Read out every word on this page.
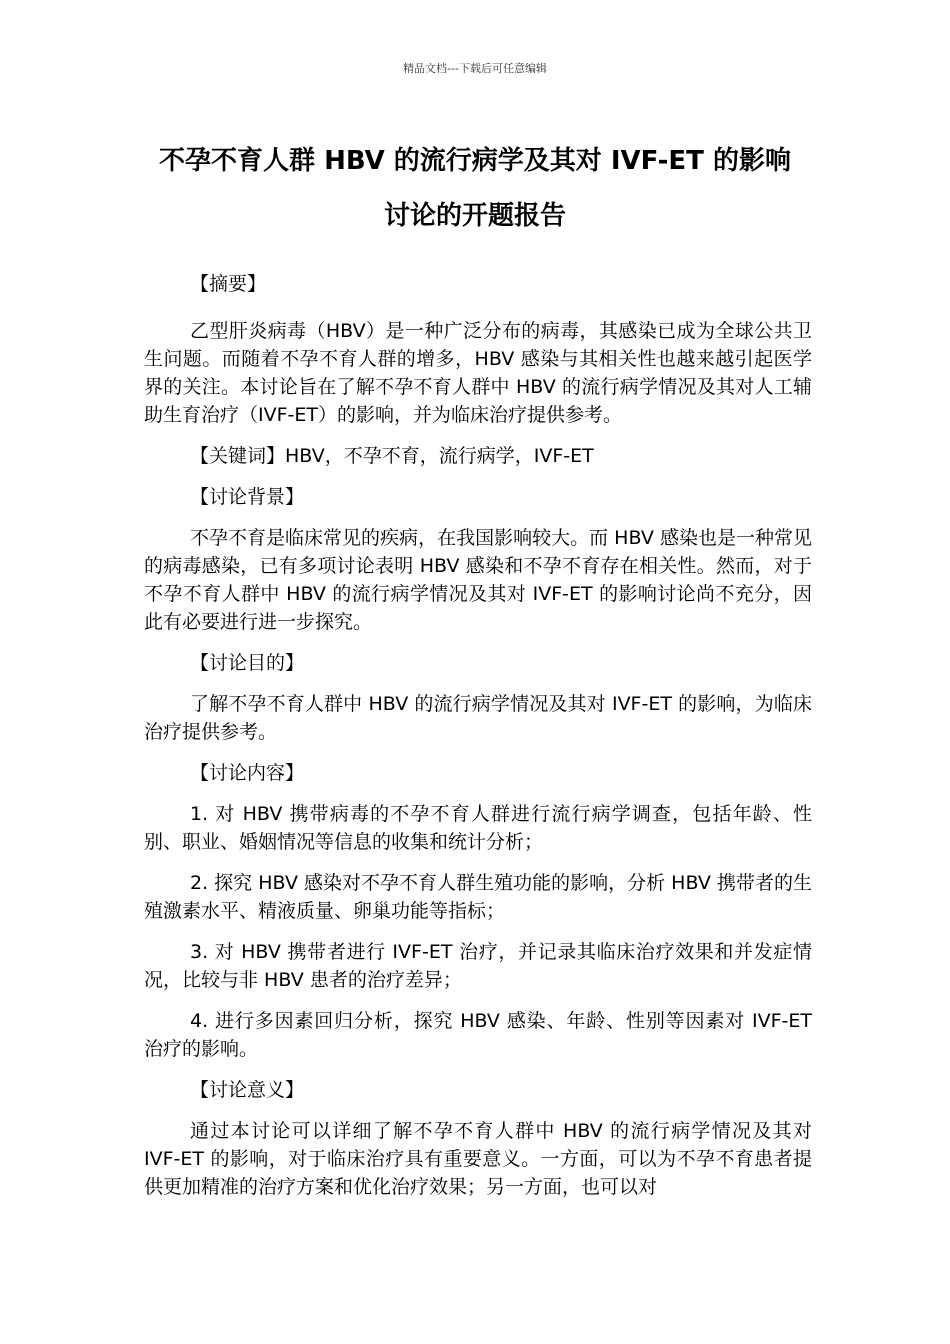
精品文档---下载后可任意编辑
不孕不育人群 HBV 的流行病学及其对 IVF-ET 的影响
讨论的开题报告

【摘要】

乙型肝炎病毒（HBV）是一种广泛分布的病毒，其感染已成为全球公共卫生问题。而随着不孕不育人群的增多，HBV 感染与其相关性也越来越引起医学界的关注。本讨论旨在了解不孕不育人群中 HBV 的流行病学情况及其对人工辅助生育治疗（IVF-ET）的影响，并为临床治疗提供参考。

【关键词】HBV，不孕不育，流行病学，IVF-ET

【讨论背景】

不孕不育是临床常见的疾病，在我国影响较大。而 HBV 感染也是一种常见的病毒感染，已有多项讨论表明 HBV 感染和不孕不育存在相关性。然而，对于不孕不育人群中 HBV 的流行病学情况及其对 IVF-ET 的影响讨论尚不充分，因此有必要进行进一步探究。

【讨论目的】

了解不孕不育人群中 HBV 的流行病学情况及其对 IVF-ET 的影响，为临床治疗提供参考。

【讨论内容】

1. 对 HBV 携带病毒的不孕不育人群进行流行病学调查，包括年龄、性别、职业、婚姻情况等信息的收集和统计分析；

2. 探究 HBV 感染对不孕不育人群生殖功能的影响，分析 HBV 携带者的生殖激素水平、精液质量、卵巢功能等指标；

3. 对 HBV 携带者进行 IVF-ET 治疗，并记录其临床治疗效果和并发症情况，比较与非 HBV 患者的治疗差异；

4. 进行多因素回归分析，探究 HBV 感染、年龄、性别等因素对 IVF-ET 治疗的影响。

【讨论意义】

通过本讨论可以详细了解不孕不育人群中 HBV 的流行病学情况及其对 IVF-ET 的影响，对于临床治疗具有重要意义。一方面，可以为不孕不育患者提供更加精准的治疗方案和优化治疗效果；另一方面，也可以对
